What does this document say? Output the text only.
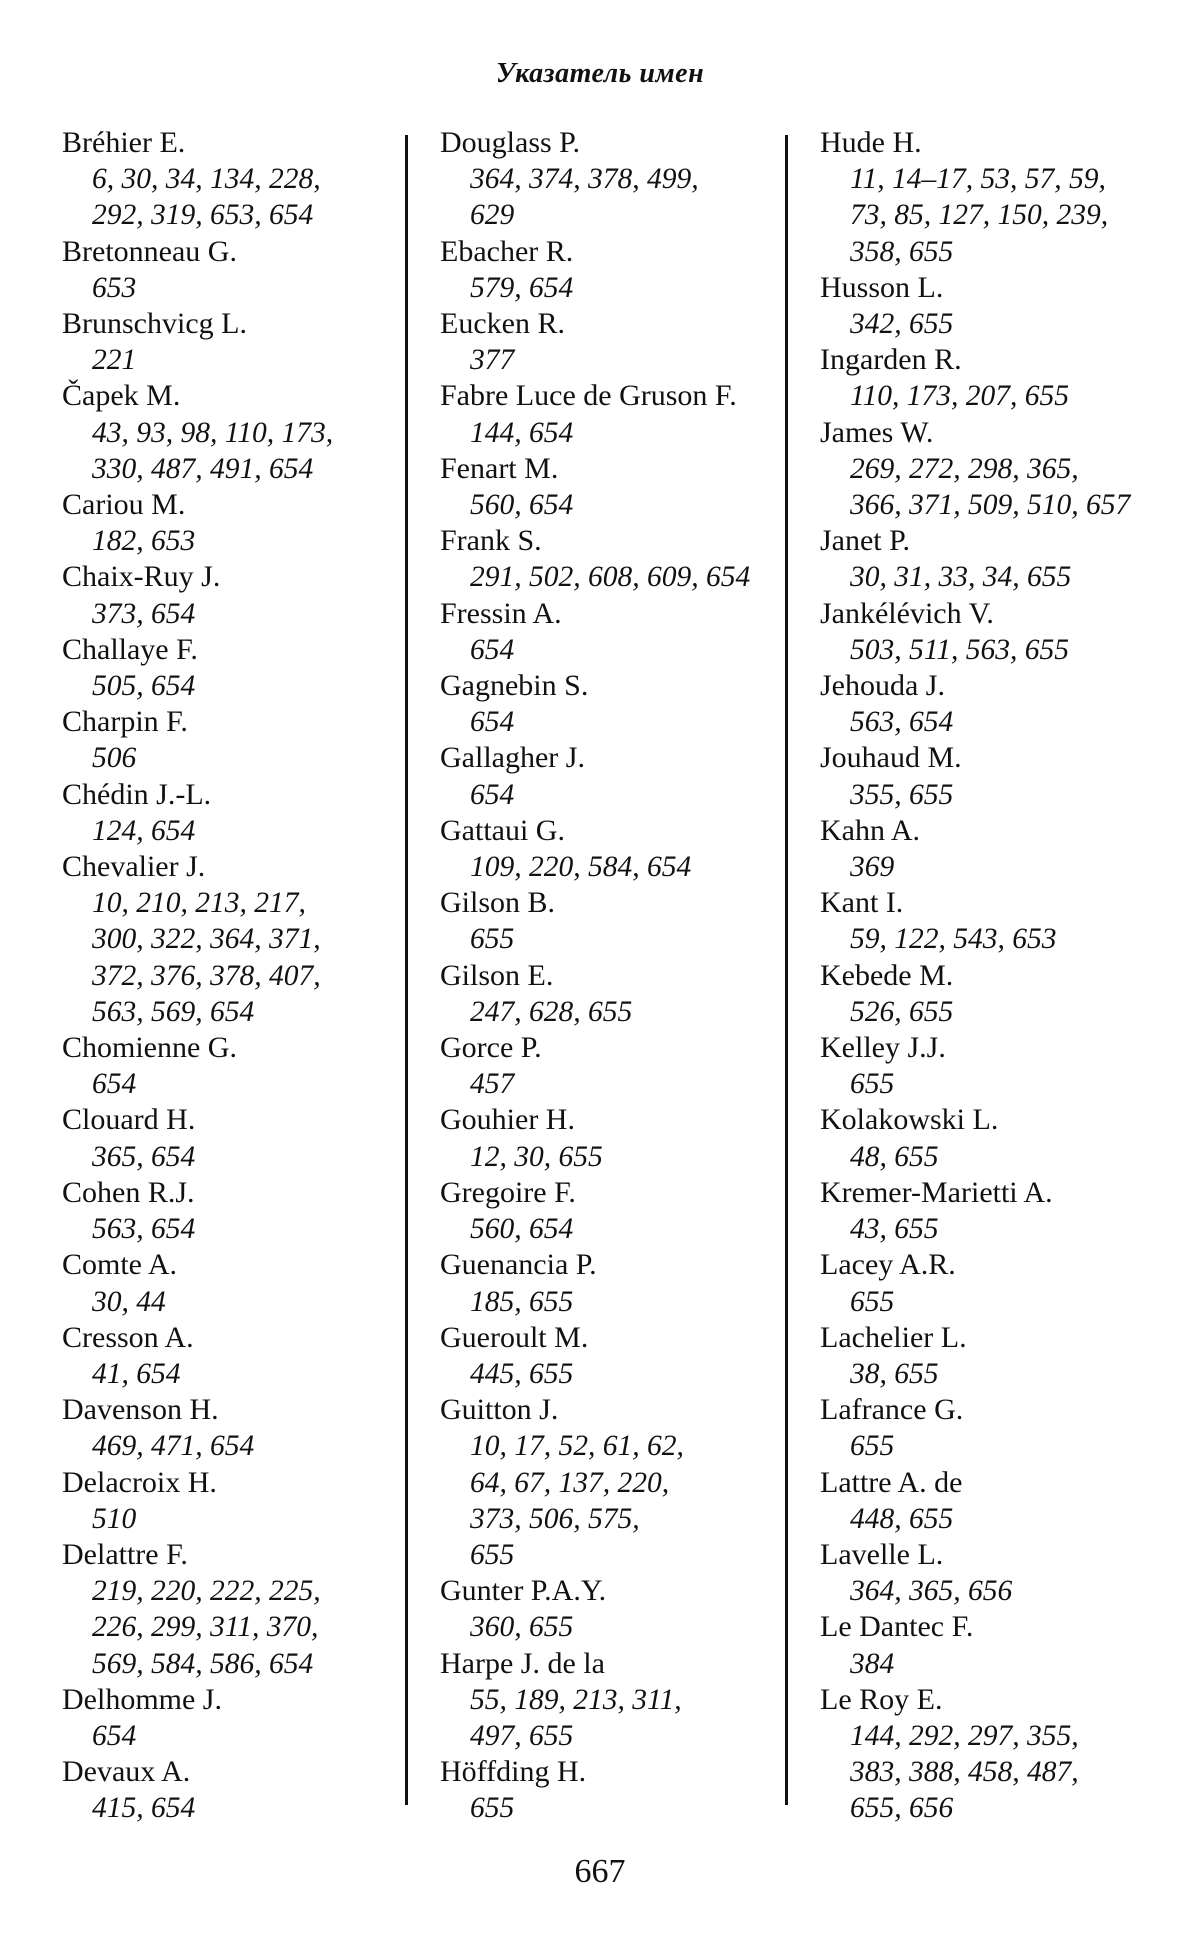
Указатель имен
Bréhier E.
6, 30, 34, 134, 228,
292, 319, 653, 654
Bretonneau G.
653
Brunschvicg L.
221
Čapek M.
43, 93, 98, 110, 173,
330, 487, 491, 654
Cariou M.
182, 653
Chaix-Ruy J.
373, 654
Challaye F.
505, 654
Charpin F.
506
Chédin J.-L.
124, 654
Chevalier J.
10, 210, 213, 217,
300, 322, 364, 371,
372, 376, 378, 407,
563, 569, 654
Chomienne G.
654
Clouard H.
365, 654
Cohen R.J.
563, 654
Comte A.
30, 44
Cresson A.
41, 654
Davenson H.
469, 471, 654
Delacroix H.
510
Delattre F.
219, 220, 222, 225,
226, 299, 311, 370,
569, 584, 586, 654
Delhomme J.
654
Devaux A.
415, 654
Douglass P.
364, 374, 378, 499,
629
Ebacher R.
579, 654
Eucken R.
377
Fabre Luce de Gruson F.
144, 654
Fenart M.
560, 654
Frank S.
291, 502, 608, 609, 654
Fressin A.
654
Gagnebin S.
654
Gallagher J.
654
Gattaui G.
109, 220, 584, 654
Gilson B.
655
Gilson E.
247, 628, 655
Gorce P.
457
Gouhier H.
12, 30, 655
Gregoire F.
560, 654
Guenancia P.
185, 655
Gueroult M.
445, 655
Guitton J.
10, 17, 52, 61, 62,
64, 67, 137, 220,
373, 506, 575,
655
Gunter P.A.Y.
360, 655
Harpe J. de la
55, 189, 213, 311,
497, 655
Höffding H.
655
Hude H.
11, 14–17, 53, 57, 59,
73, 85, 127, 150, 239,
358, 655
Husson L.
342, 655
Ingarden R.
110, 173, 207, 655
James W.
269, 272, 298, 365,
366, 371, 509, 510, 657
Janet P.
30, 31, 33, 34, 655
Jankélévich V.
503, 511, 563, 655
Jehouda J.
563, 654
Jouhaud M.
355, 655
Kahn A.
369
Kant I.
59, 122, 543, 653
Kebede M.
526, 655
Kelley J.J.
655
Kolakowski L.
48, 655
Kremer-Marietti A.
43, 655
Lacey A.R.
655
Lachelier L.
38, 655
Lafrance G.
655
Lattre A. de
448, 655
Lavelle L.
364, 365, 656
Le Dantec F.
384
Le Roy E.
144, 292, 297, 355,
383, 388, 458, 487,
655, 656
667
